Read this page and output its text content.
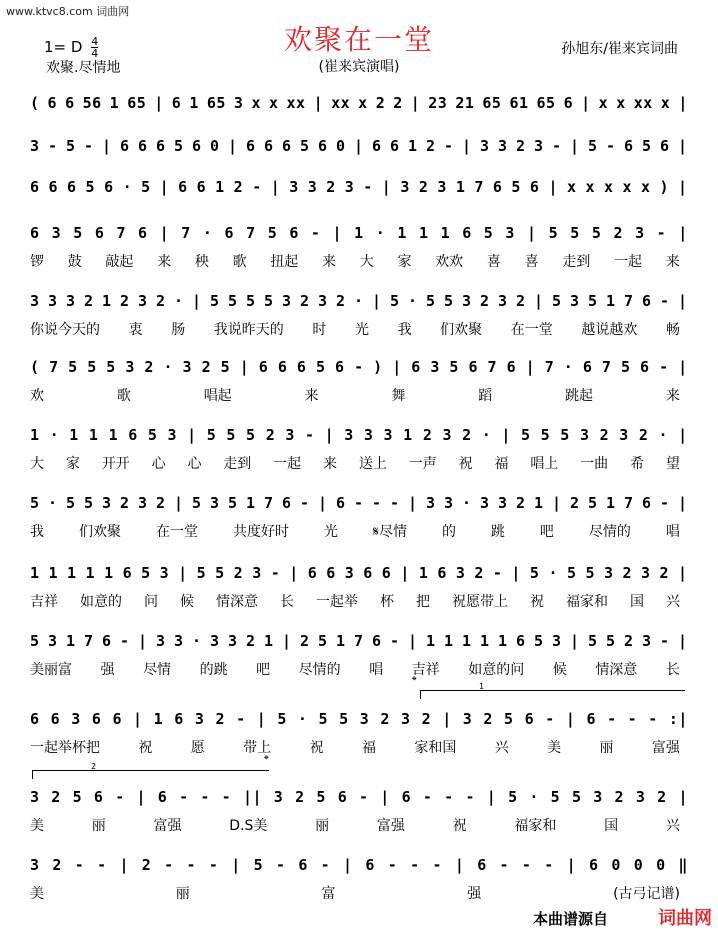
www.ktvc8.com 词曲网
1= D $\frac{4}{4}$
欢聚.尽情地
欢聚在一堂
(崔来宾演唱)
孙旭东/崔来宾词曲
( 6 6 56 1 65 | 6 1 65 3 x x xx | xx x 2 2 | 23 21 65 61 65 6 | x x xx x |
3 - 5 - | 6 6 6 5 6 0 | 6 6 6 5 6 0 | 6 6 1 2 - | 3 3 2 3 - | 5 - 6 5 6 |
6 6 6 5 6 · 5 | 6 6 1 2 - | 3 3 2 3 - | 3 2 3 1 7 6 5 6 | x x x x x ) |
6 3 5 6 7 6 | 7 · 6 7 5 6 - | 1 · 1 1 1 6 5 3 | 5 5 5 2 3 - |
锣 鼓 敲起 来 秧 歌 扭起 来 大 家 欢欢 喜 喜 走到 一起 来
3 3 3 2 1 2 3 2 · | 5 5 5 5 3 2 3 2 · | 5 · 5 5 3 2 3 2 | 5 3 5 1 7 6 - |
你说今天的 衷 肠 我说昨天的 时 光 我 们欢聚 在一堂 越说越欢 畅
( 7 5 5 5 3 2 · 3 2 5 | 6 6 6 5 6 - ) | 6 3 5 6 7 6 | 7 · 6 7 5 6 - |
欢	歌	唱起	来	舞	蹈	跳起	来
1 · 1 1 1 6 5 3 | 5 5 5 2 3 - | 3 3 3 1 2 3 2 · | 5 5 5 3 2 3 2 · |
大 家 开开 心 心 走到 一起 来 送上 一声 祝 福 唱上 一曲 希 望
5 · 5 5 3 2 3 2 | 5 3 5 1 7 6 - | 6 - - - | 3 3 · 3 3 2 1 | 2 5 1 7 6 - |
我 们欢聚 在一堂 共度好时 光 𝄋尽情 的 跳 吧 尽情的 唱
1 1 1 1 1 6 5 3 | 5 5 2 3 - | 6 6 3 6 6 | 1 6 3 2 - | 5 · 5 5 3 2 3 2 |
吉祥 如意的 问 候 情深意 长 一起举 杯 把 祝愿带上 祝 福家和 国 兴
5 3 1 7 6 - | 3 3 · 3 3 2 1 | 2 5 1 7 6 - | 1 1 1 1 1 6 5 3 | 5 5 2 3 - |
美丽富 强 尽情 的跳 吧 尽情的 唱 吉祥 如意的问 候 情深意 长
6 6 3 6 6 | 1 6 3 2 - | 5 · 5 5 3 2 3 2 | 3 2 5 6 - | 6 - - - :|
一起举杯把	祝	愿	带上	祝	福	家和国	兴	美	丽	富强
3 2 5 6 - | 6 - - - || 3 2 5 6 - | 6 - - - | 5 · 5 5 3 2 3 2 |
美	丽	富强	D.S美	丽	富强	祝	福家和	国	兴
3 2 - - | 2 - - - | 5 - 6 - | 6 - - - | 6 - - - | 6 0 0 0 ‖
美	丽	富	强	(古弓记谱)
1
2
𝄌
𝄌
本曲谱源自	词曲网
